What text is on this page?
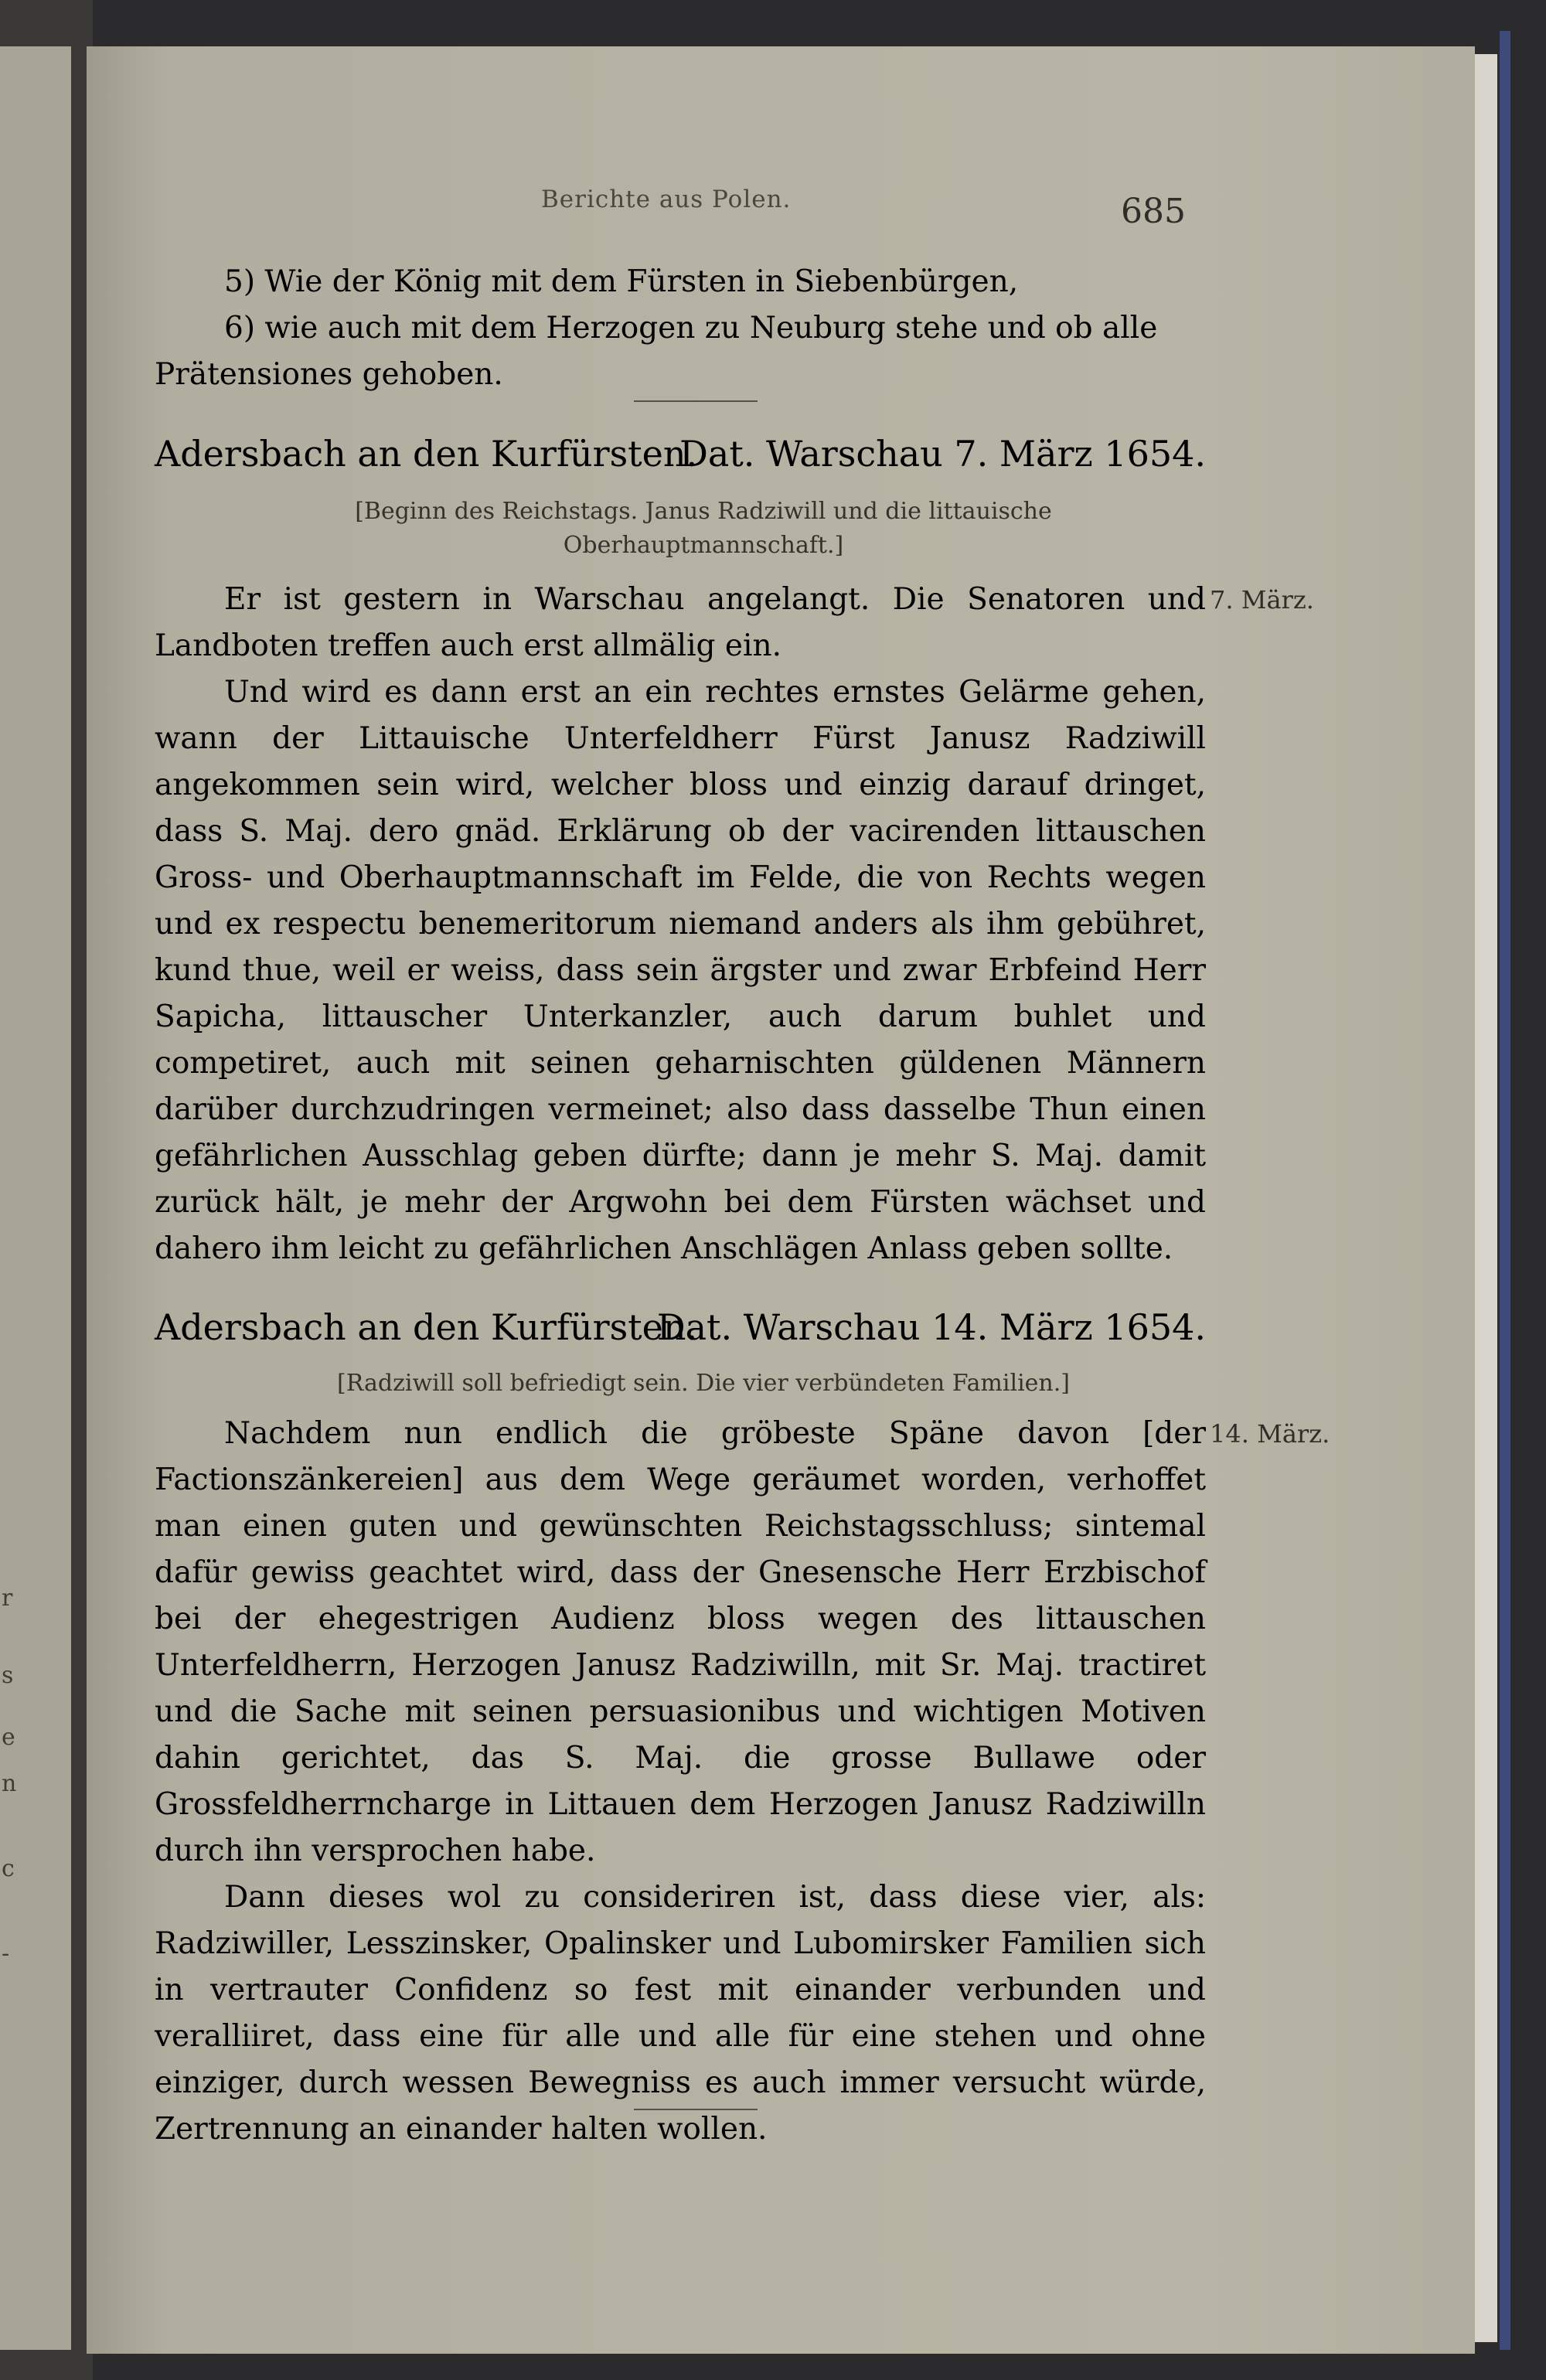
r
s
e
n
c
-
Berichte aus Polen.	685

5) Wie der König mit dem Fürsten in Siebenbürgen,

6) wie auch mit dem Herzogen zu Neuburg stehe und ob alle

Prätensiones gehoben.

Adersbach an den Kurfürsten.
Dat. Warschau 7. März 1654.
[Beginn des Reichstags. Janus Radziwill und die littauische Oberhauptmannschaft.]
7. März.

Er ist gestern in Warschau angelangt. Die Senatoren und Landboten treffen auch erst allmälig ein.

Und wird es dann erst an ein rechtes ernstes Gelärme gehen, wann der Littauische Unterfeldherr Fürst Janusz Radziwill angekommen sein wird, welcher bloss und einzig darauf dringet, dass S. Maj. dero gnäd. Erklärung ob der vacirenden littauschen Gross- und Oberhauptmannschaft im Felde, die von Rechts wegen und ex respectu benemeritorum niemand anders als ihm gebühret, kund thue, weil er weiss, dass sein ärgster und zwar Erbfeind Herr Sapicha, littauscher Unterkanzler, auch darum buhlet und competiret, auch mit seinen geharnischten güldenen Männern darüber durchzudringen vermeinet; also dass dasselbe Thun einen gefährlichen Ausschlag geben dürfte; dann je mehr S. Maj. damit zurück hält, je mehr der Argwohn bei dem Fürsten wächset und dahero ihm leicht zu gefährlichen Anschlägen Anlass geben sollte.

Adersbach an den Kurfürsten.
Dat. Warschau 14. März 1654.
[Radziwill soll befriedigt sein. Die vier verbündeten Familien.]
14. März.

Nachdem nun endlich die gröbeste Späne davon [der Factionszänkereien] aus dem Wege geräumet worden, verhoffet man einen guten und gewünschten Reichstagsschluss; sintemal dafür gewiss geachtet wird, dass der Gnesensche Herr Erzbischof bei der ehegestrigen Audienz bloss wegen des littauschen Unterfeldherrn, Herzogen Janusz Radziwilln, mit Sr. Maj. tractiret und die Sache mit seinen persuasionibus und wichtigen Motiven dahin gerichtet, das S. Maj. die grosse Bullawe oder Grossfeldherrncharge in Littauen dem Herzogen Janusz Radziwilln durch ihn versprochen habe.

Dann dieses wol zu consideriren ist, dass diese vier, als: Radziwiller, Lesszinsker, Opalinsker und Lubomirsker Familien sich in vertrauter Confidenz so fest mit einander verbunden und veralliiret, dass eine für alle und alle für eine stehen und ohne einziger, durch wessen Bewegniss es auch immer versucht würde, Zertrennung an einander halten wollen.
